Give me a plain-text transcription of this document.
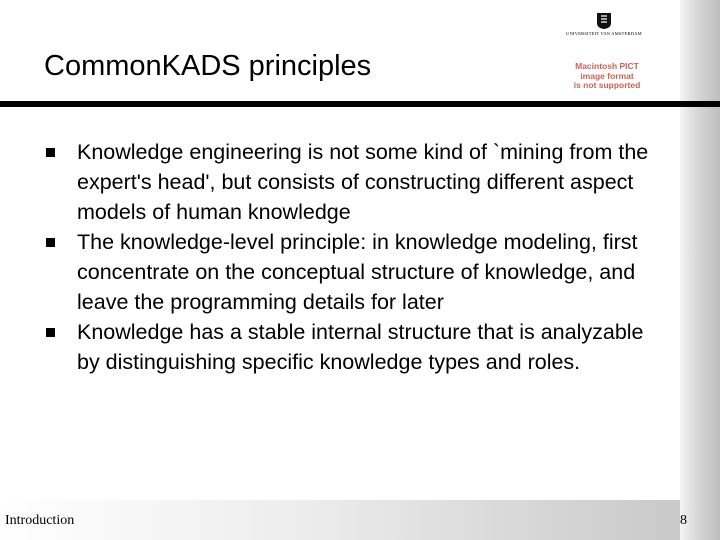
UNIVERSITEIT VAN AMSTERDAM
Macintosh PICT
image format
is not supported
CommonKADS principles
Knowledge engineering is not some kind of `mining from the expert's head', but consists of constructing different aspect models of human knowledge
The knowledge-level principle: in knowledge modeling, first concentrate on the conceptual structure of knowledge, and leave the programming details for later
Knowledge has a stable internal structure that is analyzable by distinguishing specific knowledge types and roles.
Introduction	8
